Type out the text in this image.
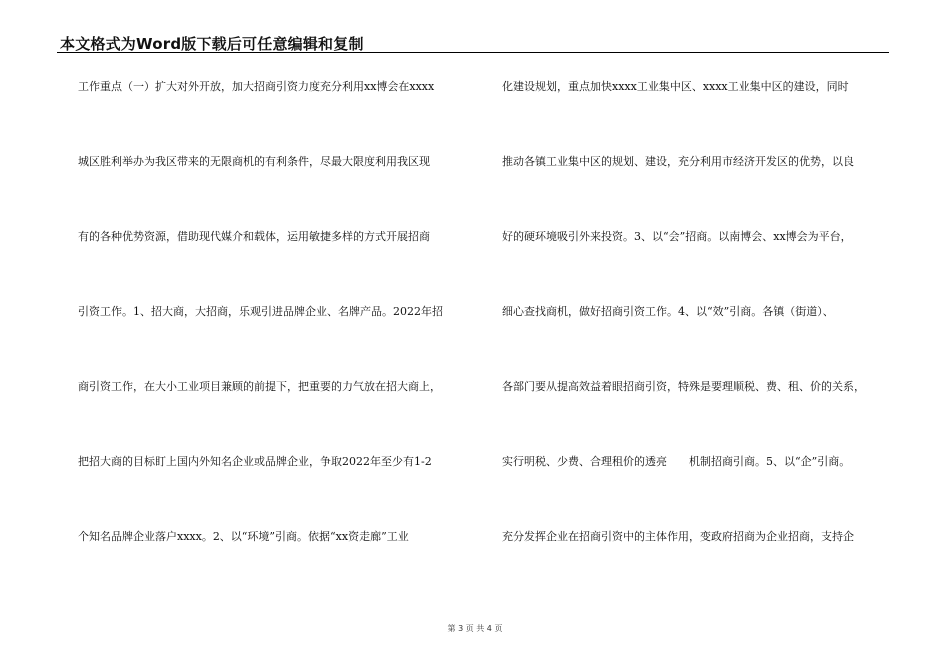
本文格式为Word版下载后可任意编辑和复制
工作重点（一）扩大对外开放，加大招商引资力度充分利用xx博会在xxxx
城区胜利举办为我区带来的无限商机的有利条件，尽最大限度利用我区现
有的各种优势资源，借助现代媒介和载体，运用敏捷多样的方式开展招商
引资工作。1、招大商，大招商，乐观引进品牌企业、名牌产品。2022年招
商引资工作，在大小工业项目兼顾的前提下，把重要的力气放在招大商上，
把招大商的目标盯上国内外知名企业或品牌企业，争取2022年至少有1-2
个知名品牌企业落户xxxx。2、以“环境”引商。依据“xx资走廊”工业
化建设规划，重点加快xxxx工业集中区、xxxx工业集中区的建设，同时
推动各镇工业集中区的规划、建设，充分利用市经济开发区的优势，以良
好的硬环境吸引外来投资。3、以“会”招商。以南博会、xx博会为平台，
细心查找商机，做好招商引资工作。4、以“效”引商。各镇（街道）、
各部门要从提高效益着眼招商引资，特殊是要理顺税、费、租、价的关系，
实行明税、少费、合理租价的透亮　　机制招商引商。5、以“企”引商。
充分发挥企业在招商引资中的主体作用，变政府招商为企业招商，支持企
第 3 页 共 4 页
